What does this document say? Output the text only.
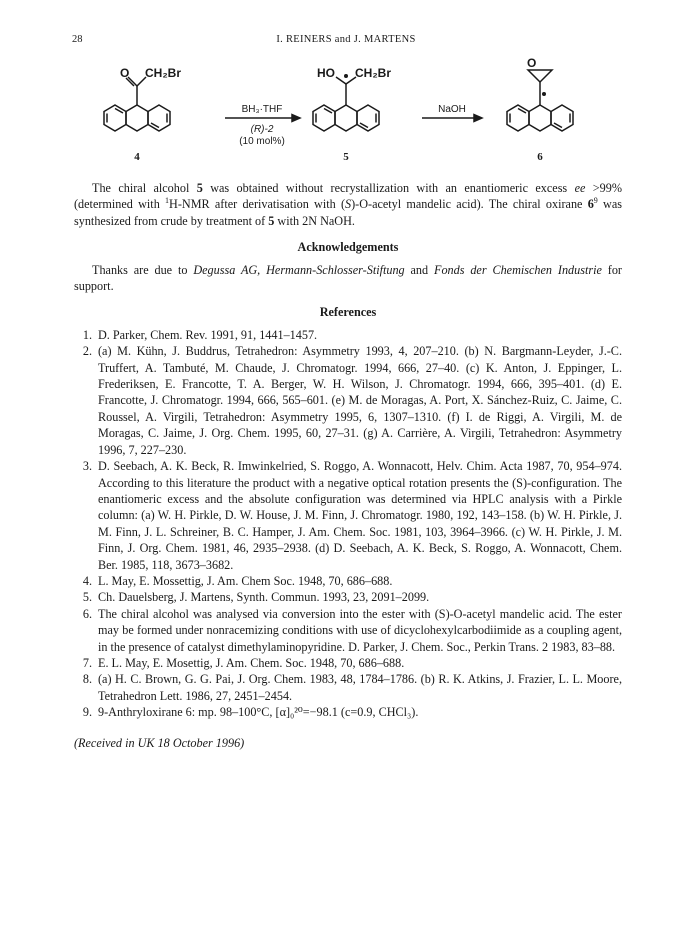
28	I. REINERS and J. MARTENS
O CH₂Br	HO CH₂Br
O
BH₃·THF
(R)-2
(10 mol%)
NaOH
4	5	6

The chiral alcohol 5 was obtained without recrystallization with an enantiomeric excess ee >99% (determined with $^1$H-NMR after derivatisation with (S)-O-acetyl mandelic acid). The chiral oxirane $6^9$ was synthesized from crude by treatment of 5 with 2N NaOH.

Acknowledgements

Thanks are due to Degussa AG, Hermann-Schlosser-Stiftung and Fonds der Chemischen Industrie for support.

References
1. D. Parker, Chem. Rev. 1991, 91, 1441–1457.
2. (a) M. Kühn, J. Buddrus, Tetrahedron: Asymmetry 1993, 4, 207–210. (b) N. Bargmann-Leyder, J.-C. Truffert, A. Tambuté, M. Chaude, J. Chromatogr. 1994, 666, 27–40. (c) K. Anton, J. Eppinger, L. Frederiksen, E. Francotte, T. A. Berger, W. H. Wilson, J. Chromatogr. 1994, 666, 395–401. (d) E. Francotte, J. Chromatogr. 1994, 666, 565–601. (e) M. de Moragas, A. Port, X. Sánchez-Ruiz, C. Jaime, C. Roussel, A. Virgili, Tetrahedron: Asymmetry 1995, 6, 1307–1310. (f) I. de Riggi, A. Virgili, M. de Moragas, C. Jaime, J. Org. Chem. 1995, 60, 27–31. (g) A. Carrière, A. Virgili, Tetrahedron: Asymmetry 1996, 7, 227–230.
3. D. Seebach, A. K. Beck, R. Imwinkelried, S. Roggo, A. Wonnacott, Helv. Chim. Acta 1987, 70, 954–974. According to this literature the product with a negative optical rotation presents the (S)-configuration. The enantiomeric excess and the absolute configuration was determined via HPLC analysis with a Pirkle column: (a) W. H. Pirkle, D. W. House, J. M. Finn, J. Chromatogr. 1980, 192, 143–158. (b) W. H. Pirkle, J. M. Finn, J. L. Schreiner, B. C. Hamper, J. Am. Chem. Soc. 1981, 103, 3964–3966. (c) W. H. Pirkle, J. M. Finn, J. Org. Chem. 1981, 46, 2935–2938. (d) D. Seebach, A. K. Beck, S. Roggo, A. Wonnacott, Chem. Ber. 1985, 118, 3673–3682.
4. L. May, E. Mossettig, J. Am. Chem Soc. 1948, 70, 686–688.
5. Ch. Dauelsberg, J. Martens, Synth. Commun. 1993, 23, 2091–2099.
6. The chiral alcohol was analysed via conversion into the ester with (S)-O-acetyl mandelic acid. The ester may be formed under nonracemizing conditions with use of dicyclohexylcarbodiimide as a coupling agent, in the presence of catalyst dimethylaminopyridine. D. Parker, J. Chem. Soc., Perkin Trans. 2 1983, 83–88.
7. E. L. May, E. Mosettig, J. Am. Chem. Soc. 1948, 70, 686–688.
8. (a) H. C. Brown, G. G. Pai, J. Org. Chem. 1983, 48, 1784–1786. (b) R. K. Atkins, J. Frazier, L. L. Moore, Tetrahedron Lett. 1986, 27, 2451–2454.
9. 9-Anthryloxirane 6: mp. 98–100°C, [α]₀²⁰=−98.1 (c=0.9, CHCl₃).
(Received in UK 18 October 1996)
